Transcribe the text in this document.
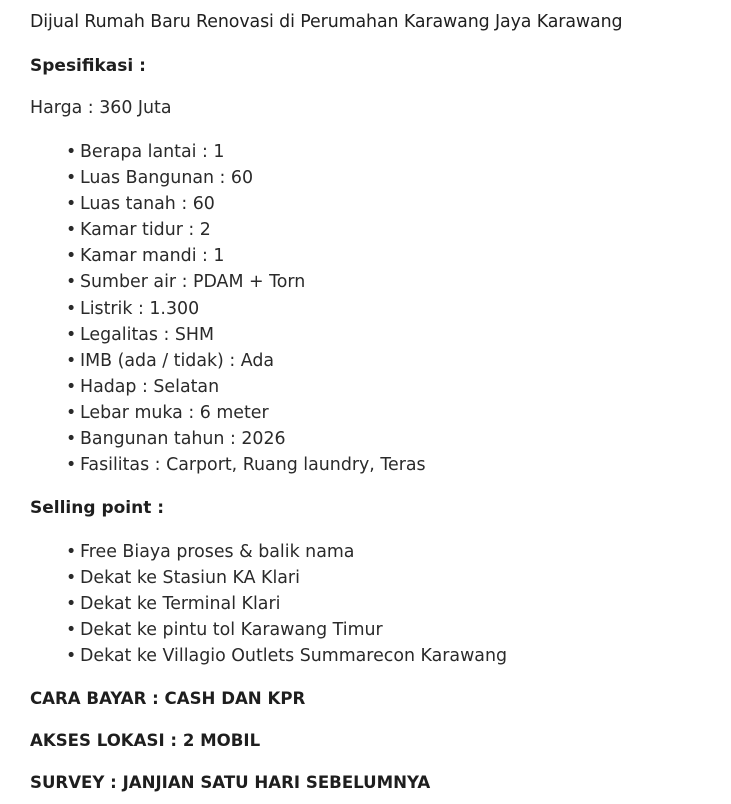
Dijual Rumah Baru Renovasi di Perumahan Karawang Jaya Karawang
Spesifikasi :
Harga : 360 Juta
• Berapa lantai : 1
• Luas Bangunan : 60
• Luas tanah : 60
• Kamar tidur : 2
• Kamar mandi : 1
• Sumber air : PDAM + Torn
• Listrik : 1.300
• Legalitas : SHM
• IMB (ada / tidak) : Ada
• Hadap : Selatan
• Lebar muka : 6 meter
• Bangunan tahun : 2026
• Fasilitas : Carport, Ruang laundry, Teras
Selling point :
• Free Biaya proses & balik nama
• Dekat ke Stasiun KA Klari
• Dekat ke Terminal Klari
• Dekat ke pintu tol Karawang Timur
• Dekat ke Villagio Outlets Summarecon Karawang
CARA BAYAR : CASH DAN KPR
AKSES LOKASI : 2 MOBIL
SURVEY : JANJIAN SATU HARI SEBELUMNYA
